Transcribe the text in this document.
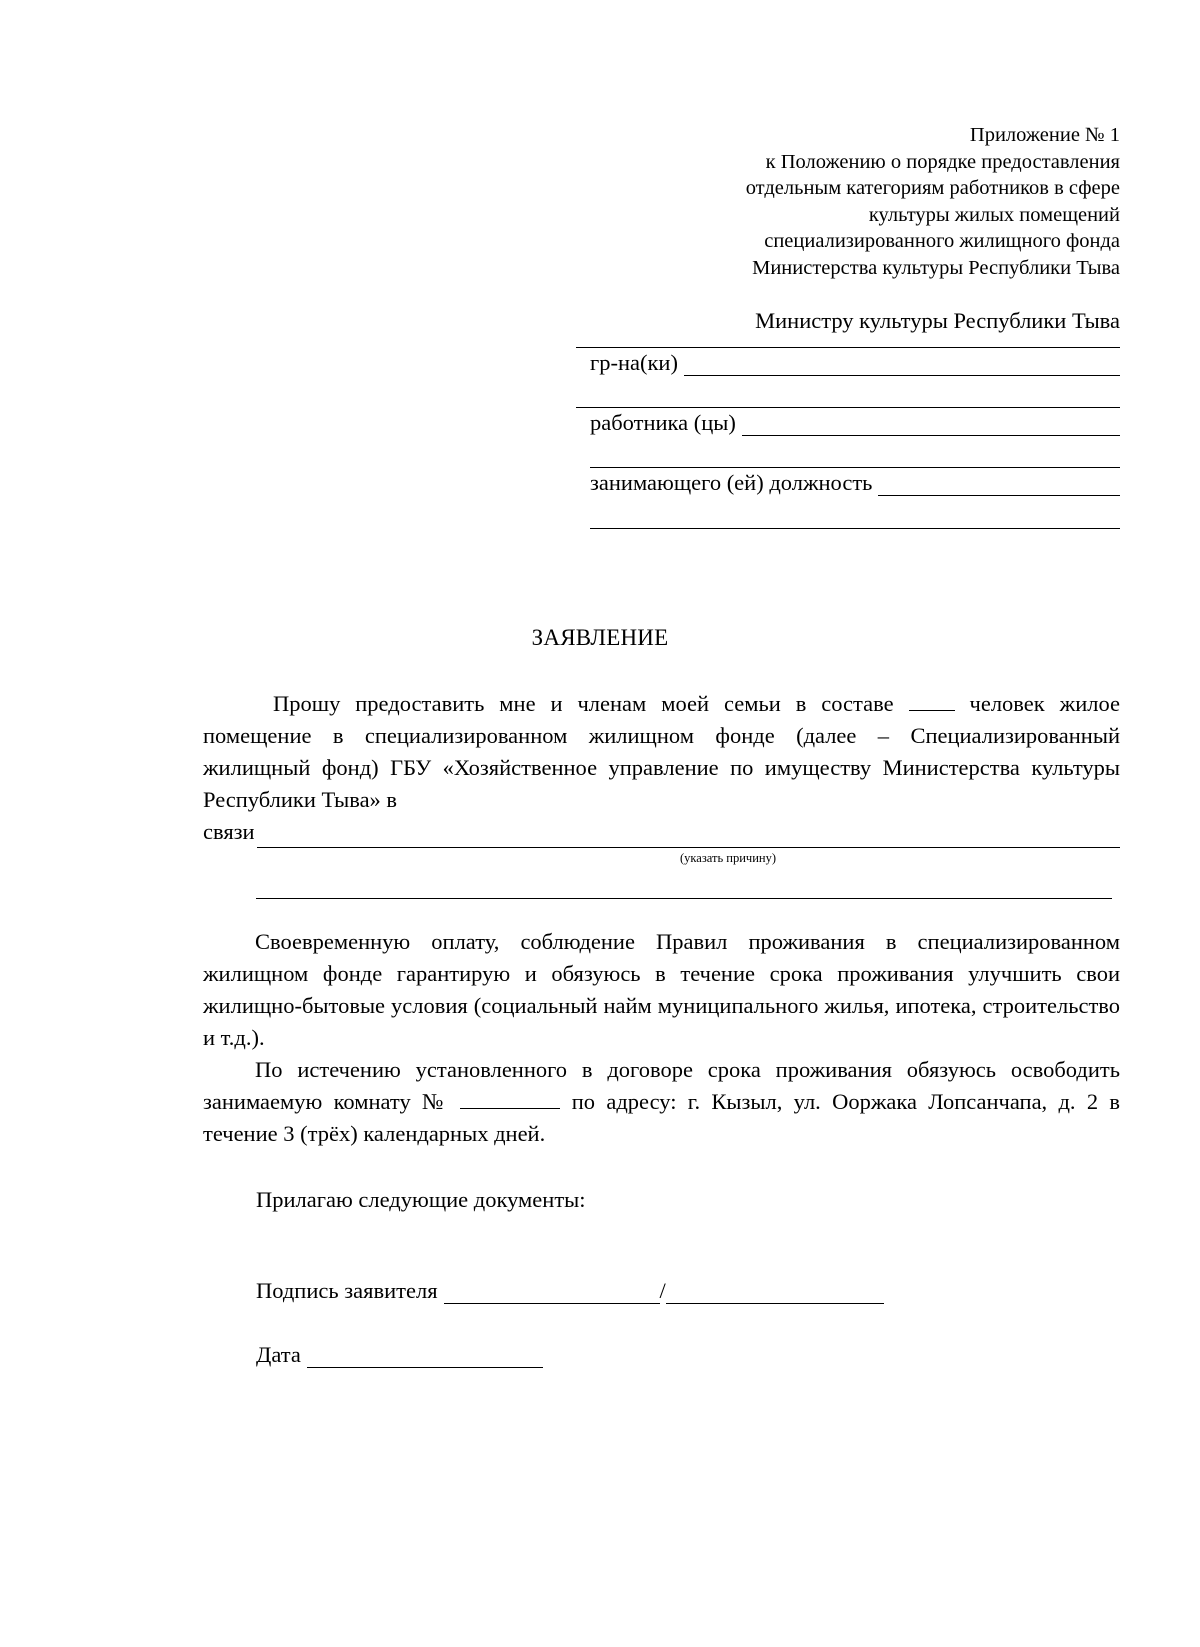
Приложение № 1
к Положению о порядке предоставления
отдельным категориям работников в сфере
культуры жилых помещений
специализированного жилищного фонда
Министерства культуры Республики Тыва
Министру культуры Республики Тыва
гр-на(ки)
работника (цы)
занимающего (ей) должность
ЗАЯВЛЕНИЕ
Прошу предоставить мне и членам моей семьи в составе	человек жилое помещение в специализированном жилищном фонде (далее – Специализированный жилищный фонд) ГБУ «Хозяйственное управление по имуществу Министерства культуры Республики Тыва» в
связи
(указать причину)
Своевременную оплату, соблюдение Правил проживания в специализированном жилищном фонде гарантирую и обязуюсь в течение срока проживания улучшить свои жилищно-бытовые условия (социальный найм муниципального жилья, ипотека, строительство и т.д.).
По истечению установленного в договоре срока проживания обязуюсь освободить занимаемую комнату №	по адресу: г. Кызыл, ул. Ооржака Лопсанчапа, д. 2 в течение 3 (трёх) календарных дней.
Прилагаю следующие документы:
Подпись заявителя	/
Дата
